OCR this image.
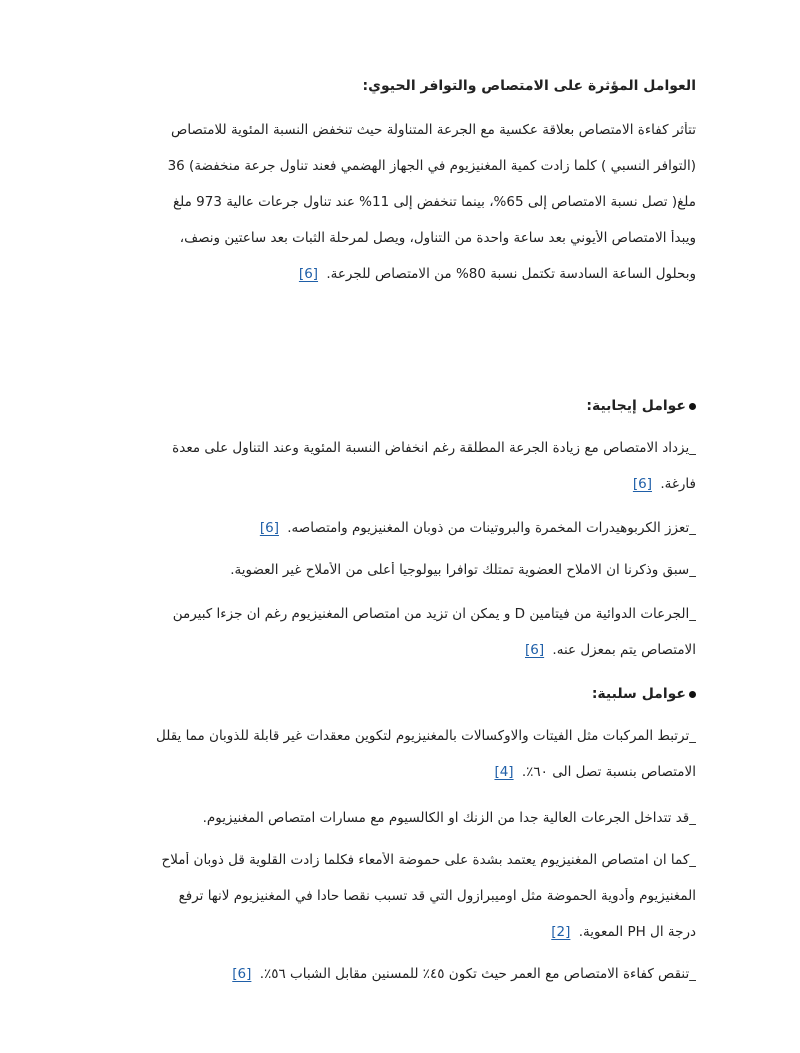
العوامل المؤثرة على الامتصاص والتوافر الحيوي:
تتأثر كفاءة الامتصاص بعلاقة عكسية مع الجرعة المتناولة حيث تنخفض النسبة المئوية للامتصاص
(التوافر النسبي ) كلما زادت كمية المغنيزيوم في الجهاز الهضمي فعند تناول جرعة منخفضة) 36
ملغ( تصل نسبة الامتصاص إلى 65%، بينما تنخفض إلى 11% عند تناول جرعات عالية 973 ملغ
ويبدأ الامتصاص الأيوني بعد ساعة واحدة من التناول، ويصل لمرحلة الثبات بعد ساعتين ونصف،
وبحلول الساعة السادسة تكتمل نسبة 80% من الامتصاص للجرعة. [6]
عوامل إيجابية:
_يزداد الامتصاص مع زيادة الجرعة المطلقة رغم انخفاض النسبة المئوية وعند التناول على معدة
فارغة. [6]
_تعزز الكربوهيدرات المخمرة والبروتينات من ذوبان المغنيزيوم وامتصاصه. [6]
_سبق وذكرنا ان الاملاح العضوية تمتلك توافرا بيولوجيا أعلى من الأملاح غير العضوية.
_الجرعات الدوائية من فيتامين D و يمكن ان تزيد من امتصاص المغنيزيوم رغم ان جزءا كبيرمن
الامتصاص يتم بمعزل عنه. [6]
عوامل سلبية:
_ترتبط المركبات مثل الفيتات والاوكسالات بالمغنيزيوم لتكوين معقدات غير قابلة للذوبان مما يقلل
الامتصاص بنسبة تصل الى ٦٠٪. [4]
_قد تتداخل الجرعات العالية جدا من الزنك او الكالسيوم مع مسارات امتصاص المغنيزيوم.
_كما ان امتصاص المغنيزيوم يعتمد بشدة على حموضة الأمعاء فكلما زادت القلوية قل ذوبان أملاح
المغنيزيوم وأدوية الحموضة مثل اوميبرازول التي قد تسبب نقصا حادا في المغنيزيوم لانها ترفع
درجة ال PH المعوية. [2]
_تنقص كفاءة الامتصاص مع العمر حيث تكون ٤٥٪ للمسنين مقابل الشباب ٥٦٪. [6]
